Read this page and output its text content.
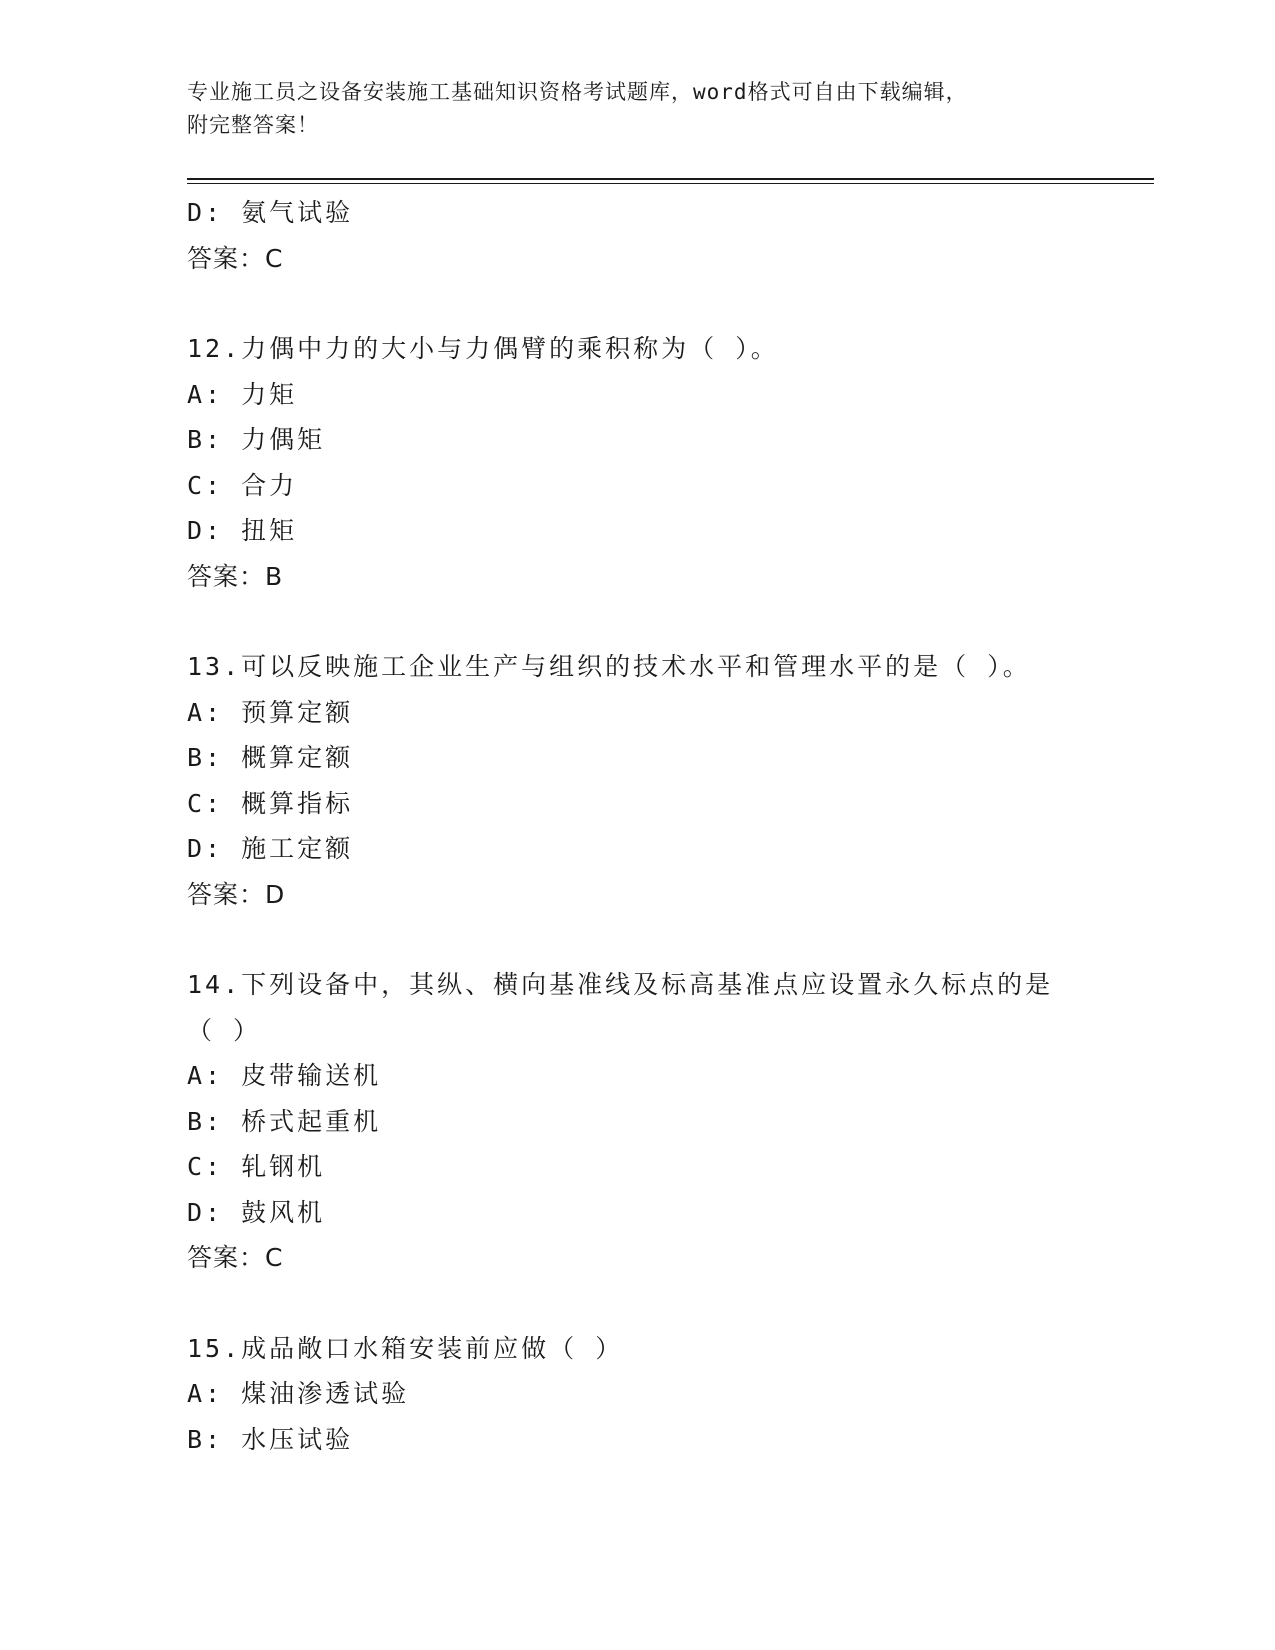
专业施工员之设备安装施工基础知识资格考试题库，word格式可自由下载编辑，
附完整答案！
D: 氨气试验
答案：C
12.力偶中力的大小与力偶臂的乘积称为（ ）。
A: 力矩
B: 力偶矩
C: 合力
D: 扭矩
答案：B
13.可以反映施工企业生产与组织的技术水平和管理水平的是（ ）。
A: 预算定额
B: 概算定额
C: 概算指标
D: 施工定额
答案：D
14.下列设备中，其纵、横向基准线及标高基准点应设置永久标点的是
（ ）
A: 皮带输送机
B: 桥式起重机
C: 轧钢机
D: 鼓风机
答案：C
15.成品敞口水箱安装前应做（ ）
A: 煤油渗透试验
B: 水压试验
